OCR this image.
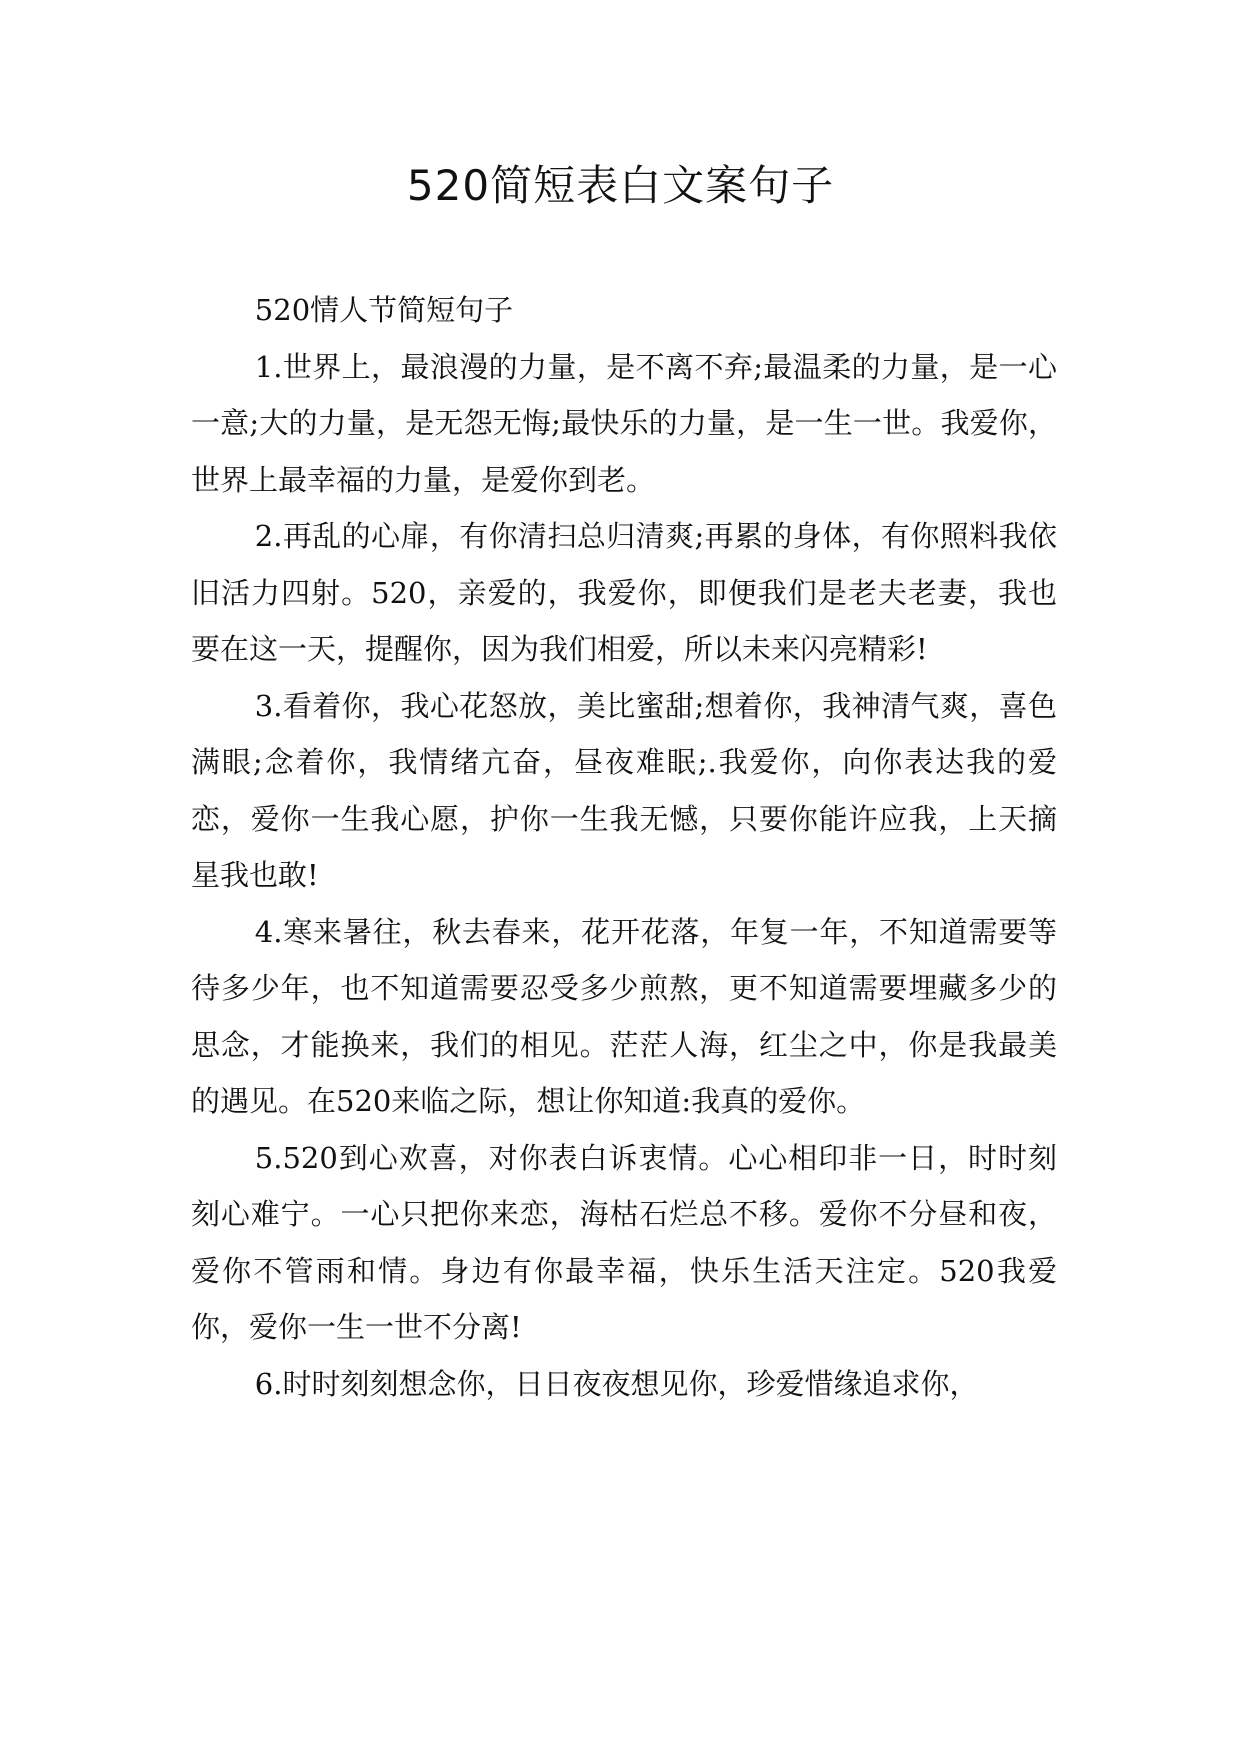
520简短表白文案句子

520情人节简短句子

1.世界上，最浪漫的力量，是不离不弃;最温柔的力量，是一心一意;大的力量，是无怨无悔;最快乐的力量，是一生一世。我爱你，世界上最幸福的力量，是爱你到老。

2.再乱的心扉，有你清扫总归清爽;再累的身体，有你照料我依旧活力四射。520，亲爱的，我爱你，即便我们是老夫老妻，我也要在这一天，提醒你，因为我们相爱，所以未来闪亮精彩!

3.看着你，我心花怒放，美比蜜甜;想着你，我神清气爽，喜色满眼;念着你，我情绪亢奋，昼夜难眠;.我爱你，向你表达我的爱恋，爱你一生我心愿，护你一生我无憾，只要你能许应我，上天摘星我也敢!

4.寒来暑往，秋去春来，花开花落，年复一年，不知道需要等待多少年，也不知道需要忍受多少煎熬，更不知道需要埋藏多少的思念，才能换来，我们的相见。茫茫人海，红尘之中，你是我最美的遇见。在520来临之际，想让你知道:我真的爱你。

5.520到心欢喜，对你表白诉衷情。心心相印非一日，时时刻刻心难宁。一心只把你来恋，海枯石烂总不移。爱你不分昼和夜，爱你不管雨和情。身边有你最幸福，快乐生活天注定。520我爱你，爱你一生一世不分离!

6.时时刻刻想念你，日日夜夜想见你，珍爱惜缘追求你，
